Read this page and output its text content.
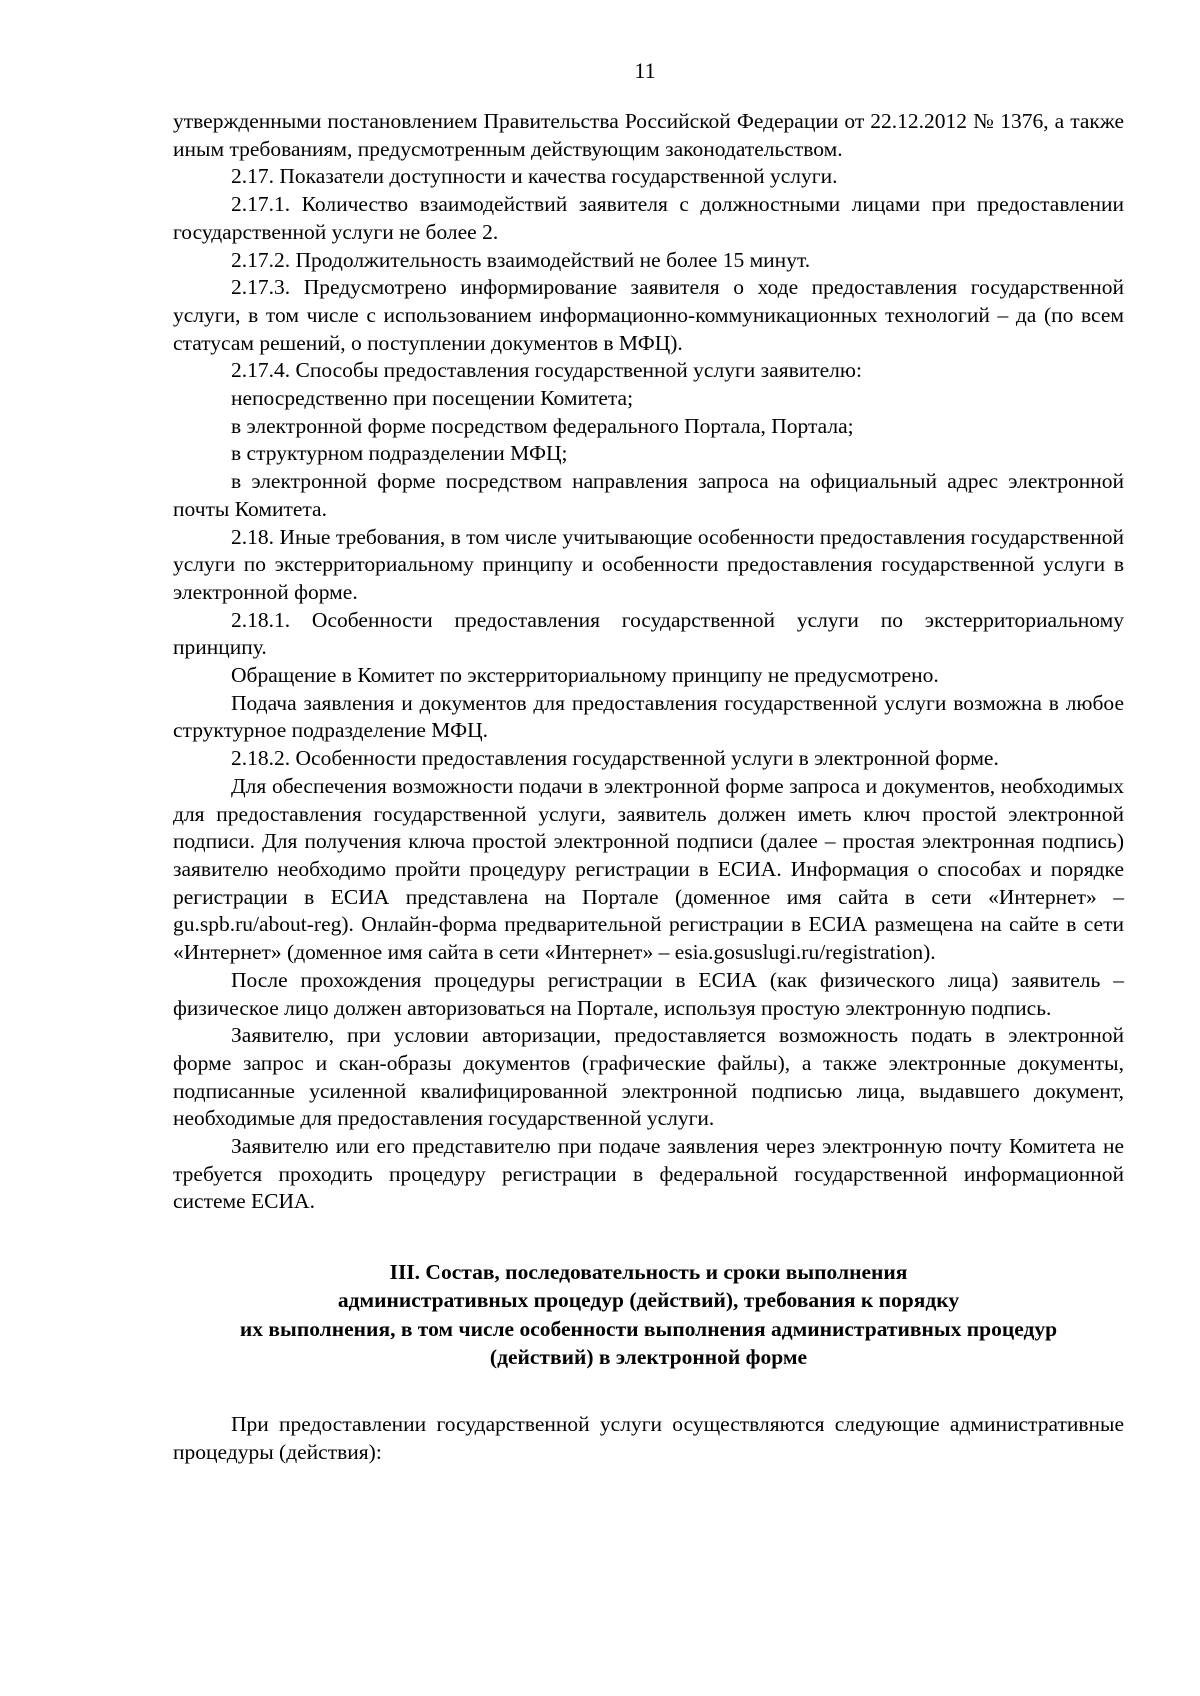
11

утвержденными постановлением Правительства Российской Федерации от 22.12.2012 № 1376, а также иным требованиям, предусмотренным действующим законодательством.

2.17. Показатели доступности и качества государственной услуги.

2.17.1. Количество взаимодействий заявителя с должностными лицами при предоставлении государственной услуги не более 2.

2.17.2. Продолжительность взаимодействий не более 15 минут.

2.17.3. Предусмотрено информирование заявителя о ходе предоставления государственной услуги, в том числе с использованием информационно-коммуникационных технологий – да (по всем статусам решений, о поступлении документов в МФЦ).

2.17.4. Способы предоставления государственной услуги заявителю:

непосредственно при посещении Комитета;

в электронной форме посредством федерального Портала, Портала;

в структурном подразделении МФЦ;

в электронной форме посредством направления запроса на официальный адрес электронной почты Комитета.

2.18. Иные требования, в том числе учитывающие особенности предоставления государственной услуги по экстерриториальному принципу и особенности предоставления государственной услуги в электронной форме.

2.18.1. Особенности предоставления государственной услуги по экстерриториальному принципу.

Обращение в Комитет по экстерриториальному принципу не предусмотрено.

Подача заявления и документов для предоставления государственной услуги возможна в любое структурное подразделение МФЦ.

2.18.2. Особенности предоставления государственной услуги в электронной форме.

Для обеспечения возможности подачи в электронной форме запроса и документов, необходимых для предоставления государственной услуги, заявитель должен иметь ключ простой электронной подписи. Для получения ключа простой электронной подписи (далее – простая электронная подпись) заявителю необходимо пройти процедуру регистрации в ЕСИА. Информация о способах и порядке регистрации в ЕСИА представлена на Портале (доменное имя сайта в сети «Интернет» – gu.spb.ru/about-reg). Онлайн-форма предварительной регистрации в ЕСИА размещена на сайте в сети «Интернет» (доменное имя сайта в сети «Интернет» – esia.gosuslugi.ru/registration).

После прохождения процедуры регистрации в ЕСИА (как физического лица) заявитель – физическое лицо должен авторизоваться на Портале, используя простую электронную подпись.

Заявителю, при условии авторизации, предоставляется возможность подать в электронной форме запрос и скан-образы документов (графические файлы), а также электронные документы, подписанные усиленной квалифицированной электронной подписью лица, выдавшего документ, необходимые для предоставления государственной услуги.

Заявителю или его представителю при подаче заявления через электронную почту Комитета не требуется проходить процедуру регистрации в федеральной государственной информационной системе ЕСИА.

III. Состав, последовательность и сроки выполнения
административных процедур (действий), требования к порядку
их выполнения, в том числе особенности выполнения административных процедур
(действий) в электронной форме

При предоставлении государственной услуги осуществляются следующие административные процедуры (действия):
